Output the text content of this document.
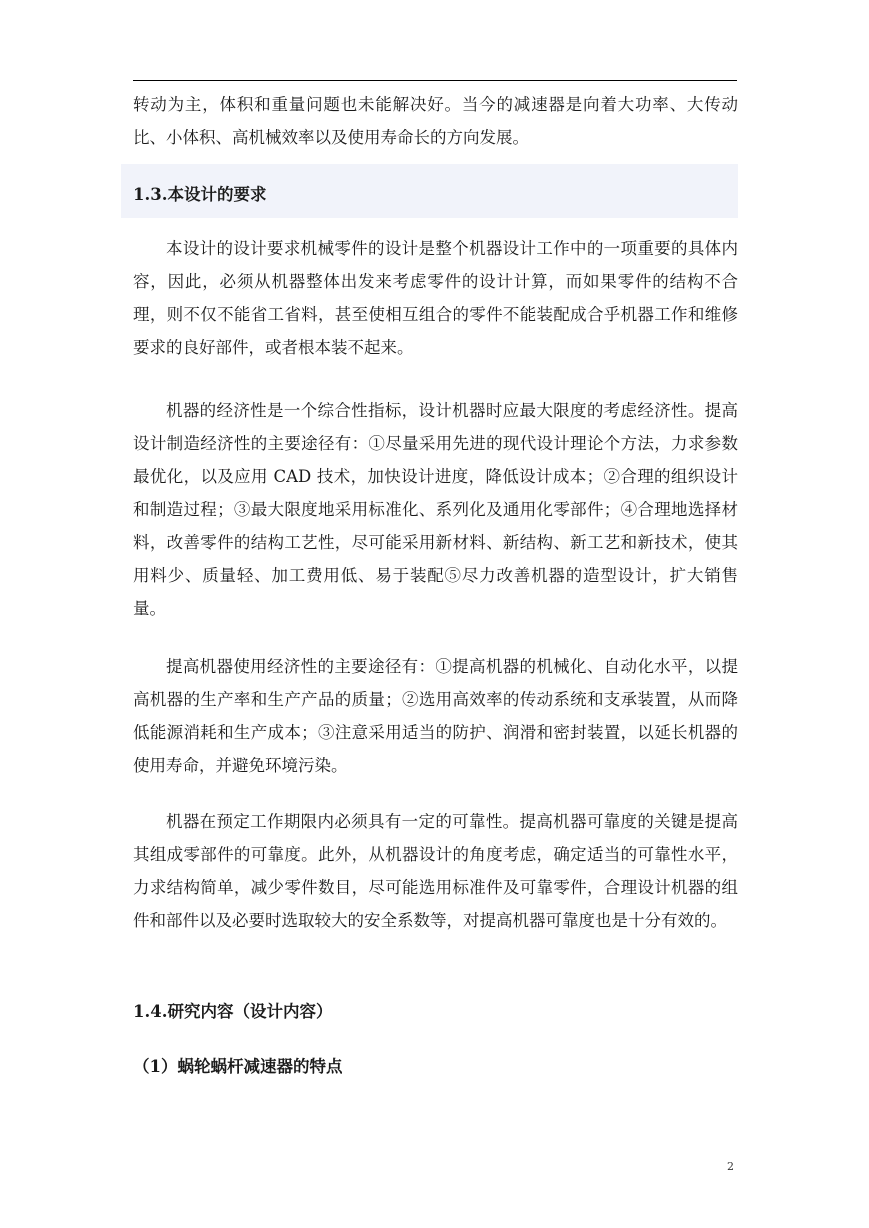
转动为主，体积和重量问题也未能解决好。当今的减速器是向着大功率、大传动比、小体积、高机械效率以及使用寿命长的方向发展。

1.3.本设计的要求

本设计的设计要求机械零件的设计是整个机器设计工作中的一项重要的具体内容，因此，必须从机器整体出发来考虑零件的设计计算，而如果零件的结构不合理，则不仅不能省工省料，甚至使相互组合的零件不能装配成合乎机器工作和维修要求的良好部件，或者根本装不起来。

机器的经济性是一个综合性指标，设计机器时应最大限度的考虑经济性。提高设计制造经济性的主要途径有：①尽量采用先进的现代设计理论个方法，力求参数最优化，以及应用 CAD 技术，加快设计进度，降低设计成本；②合理的组织设计和制造过程；③最大限度地采用标准化、系列化及通用化零部件；④合理地选择材料，改善零件的结构工艺性，尽可能采用新材料、新结构、新工艺和新技术，使其用料少、质量轻、加工费用低、易于装配⑤尽力改善机器的造型设计，扩大销售量。

提高机器使用经济性的主要途径有：①提高机器的机械化、自动化水平，以提高机器的生产率和生产产品的质量；②选用高效率的传动系统和支承装置，从而降低能源消耗和生产成本；③注意采用适当的防护、润滑和密封装置，以延长机器的使用寿命，并避免环境污染。

机器在预定工作期限内必须具有一定的可靠性。提高机器可靠度的关键是提高其组成零部件的可靠度。此外，从机器设计的角度考虑，确定适当的可靠性水平，力求结构简单，减少零件数目，尽可能选用标准件及可靠零件，合理设计机器的组件和部件以及必要时选取较大的安全系数等，对提高机器可靠度也是十分有效的。

1.4.研究内容（设计内容）
（1）蜗轮蜗杆减速器的特点
2
